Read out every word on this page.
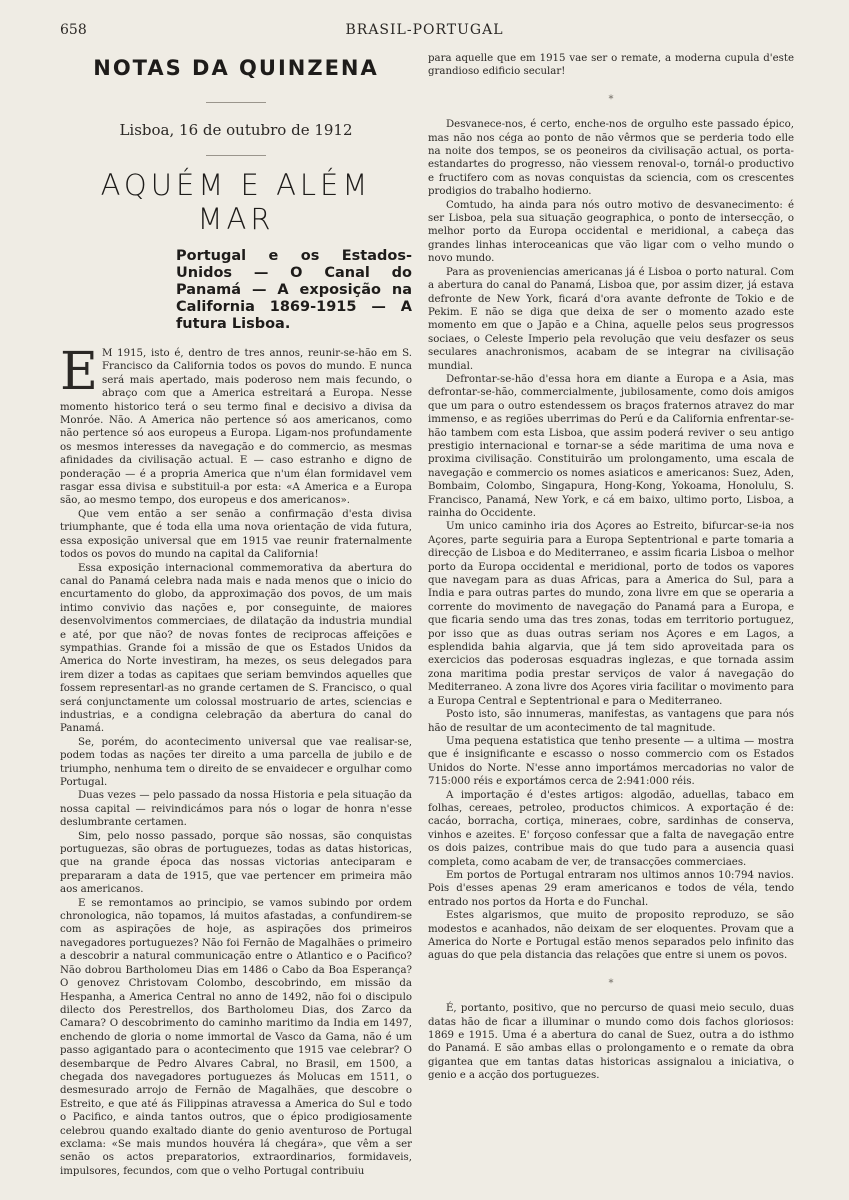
658	BRASIL-PORTUGAL
NOTAS DA QUINZENA
Lisboa, 16 de outubro de 1912
AQUÉM E ALÉM MAR
Portugal e os Estados-Unidos — O Canal do Panamá — A exposição na California 1869-1915 — A futura Lisboa.

E M 1915, isto é, dentro de tres annos, reunir-se-hão em S. Francisco da California todos os povos do mundo. E nunca será mais apertado, mais poderoso nem mais fecundo, o abraço com que a America estreitará a Europa. Nesse momento historico terá o seu termo final e decisivo a divisa da Monróe. Não. A America não pertence só aos americanos, como não pertence só aos europeus a Europa. Ligam-nos profundamente os mesmos interesses da navegação e do commercio, as mesmas afinidades da civilisação actual. E — caso estranho e digno de ponderação — é a propria America que n'um élan formidavel vem rasgar essa divisa e substituil-a por esta: «A America e a Europa são, ao mesmo tempo, dos europeus e dos americanos».

Que vem então a ser senão a confirmação d'esta divisa triumphante, que é toda ella uma nova orientação de vida futura, essa exposição universal que em 1915 vae reunir fraternalmente todos os povos do mundo na capital da California!

Essa exposição internacional commemorativa da abertura do canal do Panamá celebra nada mais e nada menos que o inicio do encurtamento do globo, da approximação dos povos, de um mais intimo convivio das nações e, por conseguinte, de maiores desenvolvimentos commerciaes, de dilatação da industria mundial e até, por que não? de novas fontes de reciprocas affeições e sympathias. Grande foi a missão de que os Estados Unidos da America do Norte investiram, ha mezes, os seus delegados para irem dizer a todas as capitaes que seriam bemvindos aquelles que fossem representarl-as no grande certamen de S. Francisco, o qual será conjunctamente um colossal mostruario de artes, sciencias e industrias, e a condigna celebração da abertura do canal do Panamá.

Se, porém, do acontecimento universal que vae realisar-se, podem todas as nações ter direito a uma parcella de jubilo e de triumpho, nenhuma tem o direito de se envaidecer e orgulhar como Portugal.

Duas vezes — pelo passado da nossa Historia e pela situação da nossa capital — reivindicámos para nós o logar de honra n'esse deslumbrante certamen.

Sim, pelo nosso passado, porque são nossas, são conquistas portuguezas, são obras de portuguezes, todas as datas historicas, que na grande época das nossas victorias anteciparam e prepararam a data de 1915, que vae pertencer em primeira mão aos americanos.

E se remontamos ao principio, se vamos subindo por ordem chronologica, não topamos, lá muitos afastadas, a confundirem-se com as aspirações de hoje, as aspirações dos primeiros navegadores portuguezes? Não foi Fernão de Magalhães o primeiro a descobrir a natural communicação entre o Atlantico e o Pacifico? Não dobrou Bartholomeu Dias em 1486 o Cabo da Boa Esperança? O genovez Christovam Colombo, descobrindo, em missão da Hespanha, a America Central no anno de 1492, não foi o discipulo dilecto dos Perestrellos, dos Bartholomeu Dias, dos Zarco da Camara? O descobrimento do caminho maritimo da India em 1497, enchendo de gloria o nome immortal de Vasco da Gama, não é um passo agigantado para o acontecimento que 1915 vae celebrar? O desembarque de Pedro Alvares Cabral, no Brasil, em 1500, a chegada dos navegadores portuguezes ás Molucas em 1511, o desmesurado arrojo de Fernão de Magalhães, que descobre o Estreito, e que até ás Filippinas atravessa a America do Sul e todo o Pacifico, e ainda tantos outros, que o épico prodigiosamente celebrou quando exaltado diante do genio aventuroso de Portugal exclama: «Se mais mundos houvéra lá chegára», que vêm a ser senão os actos preparatorios, extraordinarios, formidaveis, impulsores, fecundos, com que o velho Portugal contribuiu

para aquelle que em 1915 vae ser o remate, a moderna cupula d'este grandioso edificio secular!

*

Desvanece-nos, é certo, enche-nos de orgulho este passado épico, mas não nos céga ao ponto de não vêrmos que se perderia todo elle na noite dos tempos, se os peoneiros da civilisação actual, os porta-estandartes do progresso, não viessem renoval-o, tornál-o productivo e fructifero com as novas conquistas da sciencia, com os crescentes prodigios do trabalho hodierno.

Comtudo, ha ainda para nós outro motivo de desvanecimento: é ser Lisboa, pela sua situação geographica, o ponto de intersecção, o melhor porto da Europa occidental e meridional, a cabeça das grandes linhas interoceanicas que vão ligar com o velho mundo o novo mundo.

Para as proveniencias americanas já é Lisboa o porto natural. Com a abertura do canal do Panamá, Lisboa que, por assim dizer, já estava defronte de New York, ficará d'ora avante defronte de Tokio e de Pekim. E não se diga que deixa de ser o momento azado este momento em que o Japão e a China, aquelle pelos seus progressos sociaes, o Celeste Imperio pela revolução que veiu desfazer os seus seculares anachronismos, acabam de se integrar na civilisação mundial.

Defrontar-se-hão d'essa hora em diante a Europa e a Asia, mas defrontar-se-hão, commercialmente, jubilosamente, como dois amigos que um para o outro estendessem os braços fraternos atravez do mar immenso, e as regiões uberrimas do Perú e da California enfrentar-se-hão tambem com esta Lisboa, que assim poderá reviver o seu antigo prestigio internacional e tornar-se a séde maritima de uma nova e proxima civilisação. Constituirão um prolongamento, uma escala de navegação e commercio os nomes asiaticos e americanos: Suez, Aden, Bombaim, Colombo, Singapura, Hong-Kong, Yokoama, Honolulu, S. Francisco, Panamá, New York, e cá em baixo, ultimo porto, Lisboa, a rainha do Occidente.

Um unico caminho iria dos Açores ao Estreito, bifurcar-se-ia nos Açores, parte seguiria para a Europa Septentrional e parte tomaria a direcção de Lisboa e do Mediterraneo, e assim ficaria Lisboa o melhor porto da Europa occidental e meridional, porto de todos os vapores que navegam para as duas Africas, para a America do Sul, para a India e para outras partes do mundo, zona livre em que se operaria a corrente do movimento de navegação do Panamá para a Europa, e que ficaria sendo uma das tres zonas, todas em territorio portuguez, por isso que as duas outras seriam nos Açores e em Lagos, a esplendida bahia algarvia, que já tem sido aproveitada para os exercicios das poderosas esquadras inglezas, e que tornada assim zona maritima podia prestar serviços de valor á navegação do Mediterraneo. A zona livre dos Açores viria facilitar o movimento para a Europa Central e Septentrional e para o Mediterraneo.

Posto isto, são innumeras, manifestas, as vantagens que para nós hão de resultar de um acontecimento de tal magnitude.

Uma pequena estatistica que tenho presente — a ultima — mostra que é insignificante e escasso o nosso commercio com os Estados Unidos do Norte. N'esse anno importámos mercadorias no valor de 715:000 réis e exportámos cerca de 2:941:000 réis.

A importação é d'estes artigos: algodão, aduellas, tabaco em folhas, cereaes, petroleo, productos chimicos. A exportação é de: cacáo, borracha, cortiça, mineraes, cobre, sardinhas de conserva, vinhos e azeites. E' forçoso confessar que a falta de navegação entre os dois paizes, contribue mais do que tudo para a ausencia quasi completa, como acabam de ver, de transacções commerciaes.

Em portos de Portugal entraram nos ultimos annos 10:794 navios. Pois d'esses apenas 29 eram americanos e todos de véla, tendo entrado nos portos da Horta e do Funchal.

Estes algarismos, que muito de proposito reproduzo, se são modestos e acanhados, não deixam de ser eloquentes. Provam que a America do Norte e Portugal estão menos separados pelo infinito das aguas do que pela distancia das relações que entre si unem os povos.

*

É, portanto, positivo, que no percurso de quasi meio seculo, duas datas hão de ficar a illuminar o mundo como dois fachos gloriosos: 1869 e 1915. Uma é a abertura do canal de Suez, outra a do isthmo do Panamá. E são ambas ellas o prolongamento e o remate da obra gigantea que em tantas datas historicas assignalou a iniciativa, o genio e a acção dos portuguezes.
